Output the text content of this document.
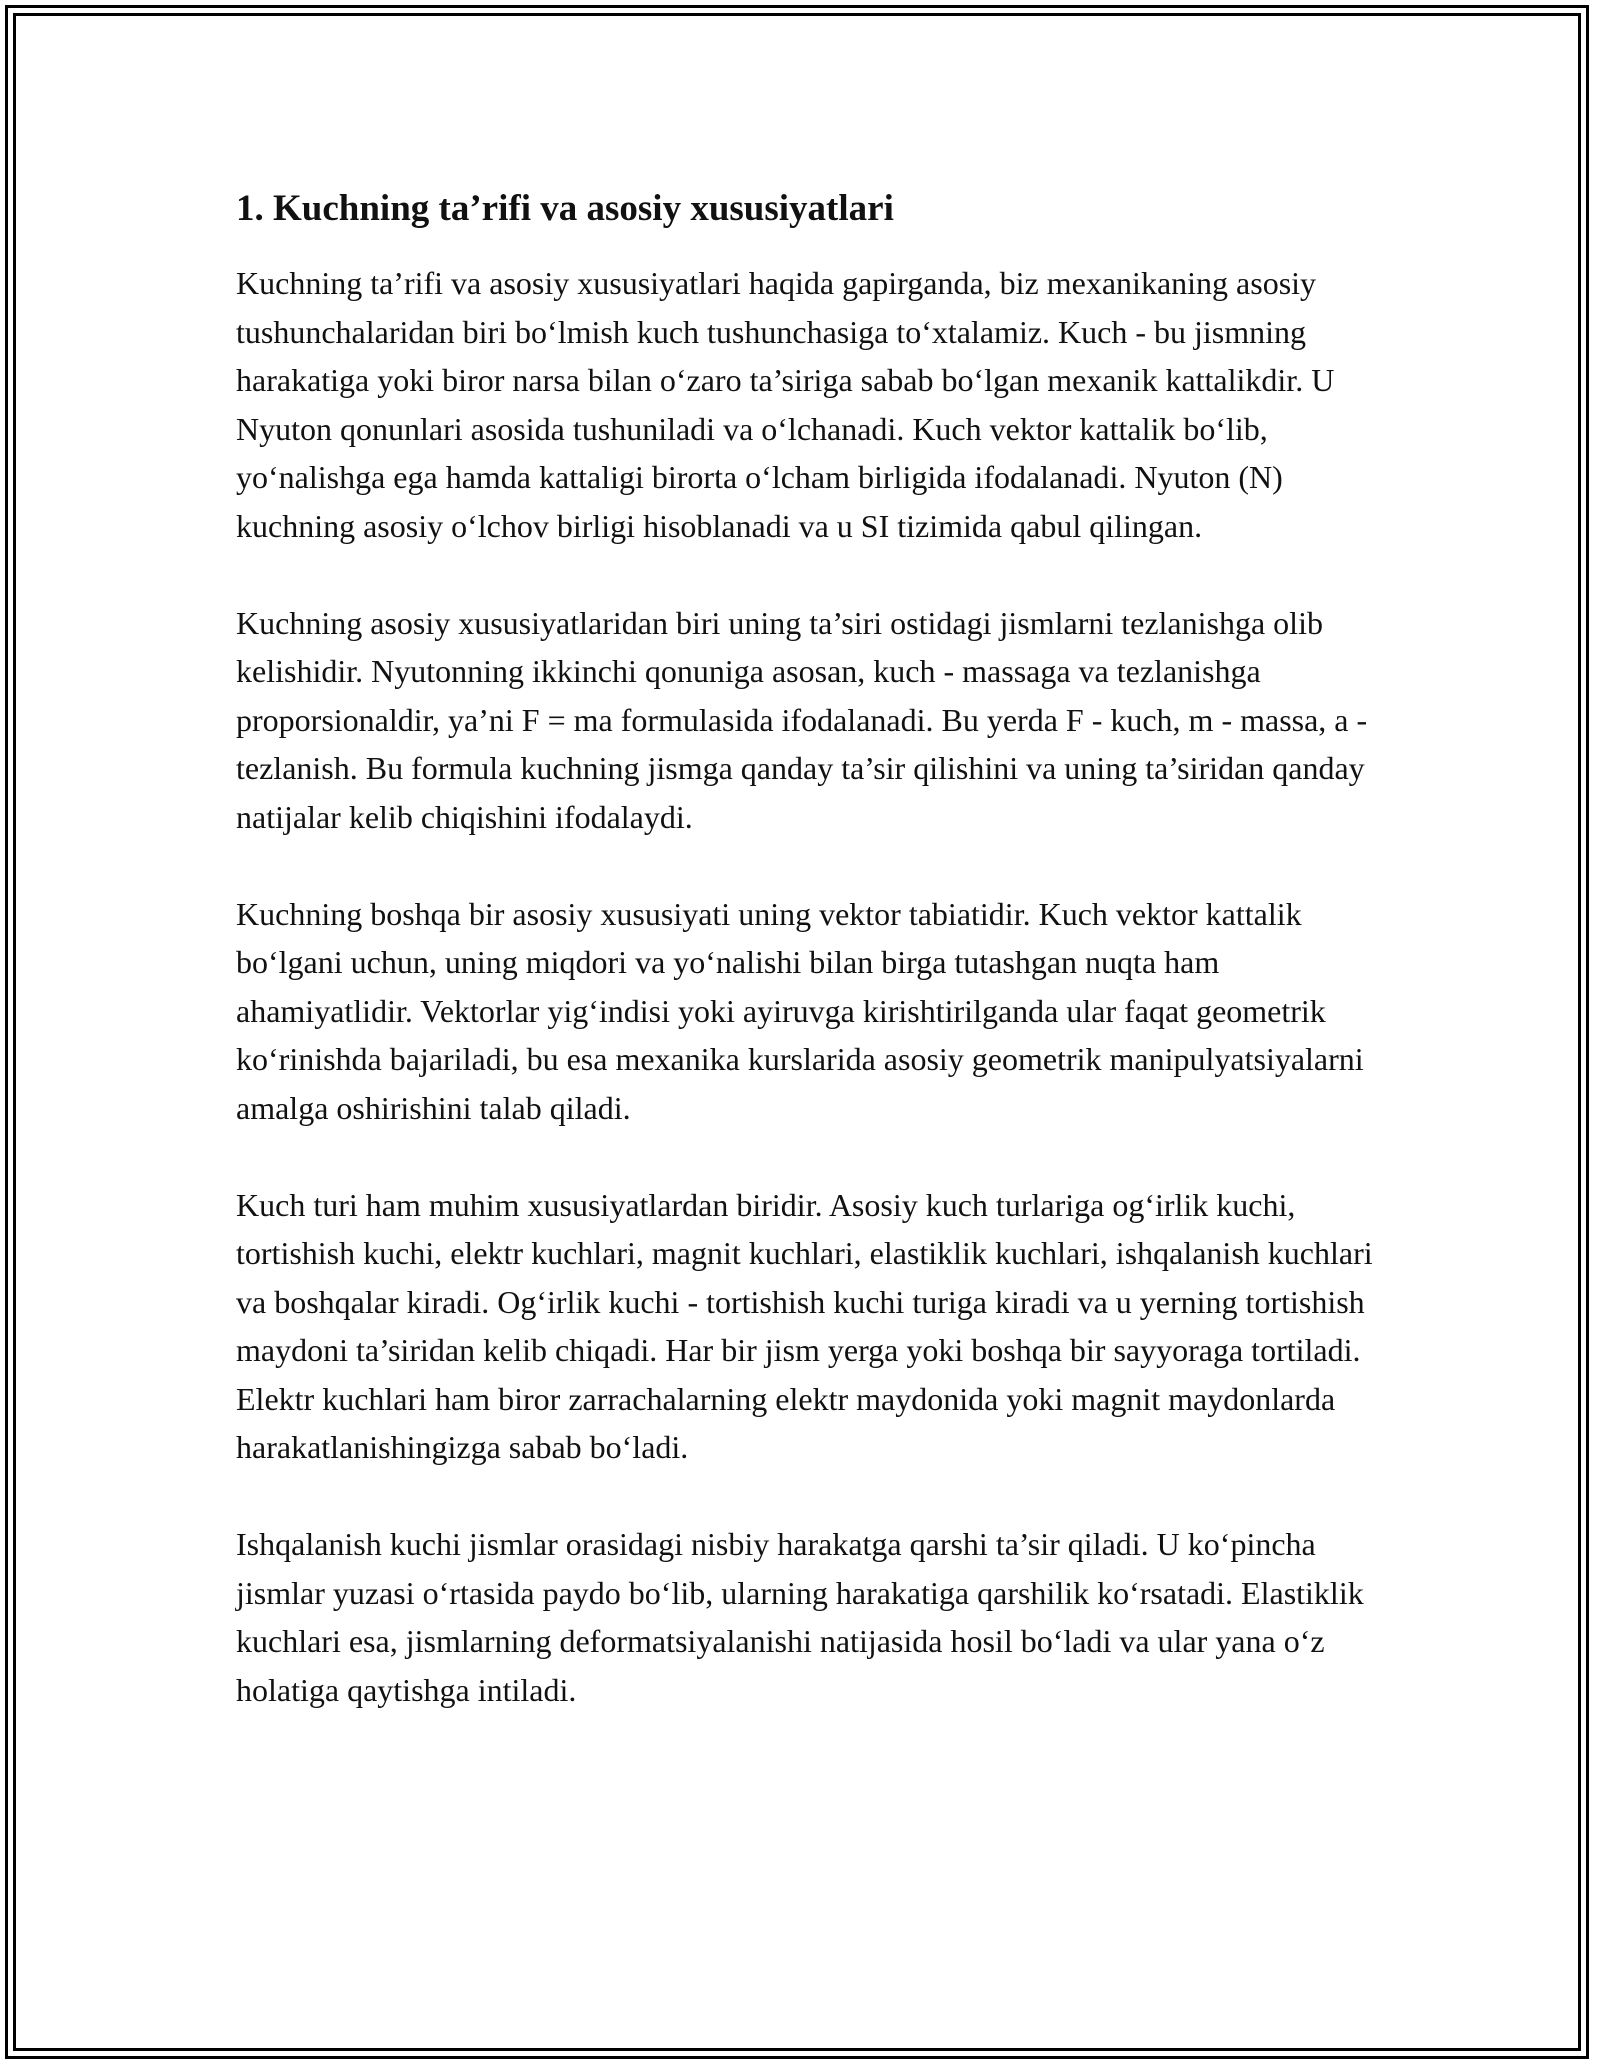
1. Kuchning ta’rifi va asosiy xususiyatlari

Kuchning ta’rifi va asosiy xususiyatlari haqida gapirganda, biz mexanikaning asosiy tushunchalaridan biri boʻlmish kuch tushunchasiga toʻxtalamiz. Kuch - bu jismning harakatiga yoki biror narsa bilan oʻzaro ta’siriga sabab boʻlgan mexanik kattalikdir. U Nyuton qonunlari asosida tushuniladi va oʻlchanadi. Kuch vektor kattalik boʻlib, yoʻnalishga ega hamda kattaligi birorta oʻlcham birligida ifodalanadi. Nyuton (N) kuchning asosiy oʻlchov birligi hisoblanadi va u SI tizimida qabul qilingan.

Kuchning asosiy xususiyatlaridan biri uning ta’siri ostidagi jismlarni tezlanishga olib kelishidir. Nyutonning ikkinchi qonuniga asosan, kuch - massaga va tezlanishga proporsionaldir, ya’ni F = ma formulasida ifodalanadi. Bu yerda F - kuch, m - massa, a - tezlanish. Bu formula kuchning jismga qanday ta’sir qilishini va uning ta’siridan qanday natijalar kelib chiqishini ifodalaydi.

Kuchning boshqa bir asosiy xususiyati uning vektor tabiatidir. Kuch vektor kattalik boʻlgani uchun, uning miqdori va yoʻnalishi bilan birga tutashgan nuqta ham ahamiyatlidir. Vektorlar yigʻindisi yoki ayiruvga kirishtirilganda ular faqat geometrik koʻrinishda bajariladi, bu esa mexanika kurslarida asosiy geometrik manipulyatsiyalarni amalga oshirishini talab qiladi.

Kuch turi ham muhim xususiyatlardan biridir. Asosiy kuch turlariga ogʻirlik kuchi, tortishish kuchi, elektr kuchlari, magnit kuchlari, elastiklik kuchlari, ishqalanish kuchlari va boshqalar kiradi. Ogʻirlik kuchi - tortishish kuchi turiga kiradi va u yerning tortishish maydoni ta’siridan kelib chiqadi. Har bir jism yerga yoki boshqa bir sayyoraga tortiladi. Elektr kuchlari ham biror zarrachalarning elektr maydonida yoki magnit maydonlarda harakatlanishingizga sabab boʻladi.

Ishqalanish kuchi jismlar orasidagi nisbiy harakatga qarshi ta’sir qiladi. U koʻpincha jismlar yuzasi oʻrtasida paydo boʻlib, ularning harakatiga qarshilik koʻrsatadi. Elastiklik kuchlari esa, jismlarning deformatsiyalanishi natijasida hosil boʻladi va ular yana oʻz holatiga qaytishga intiladi.
